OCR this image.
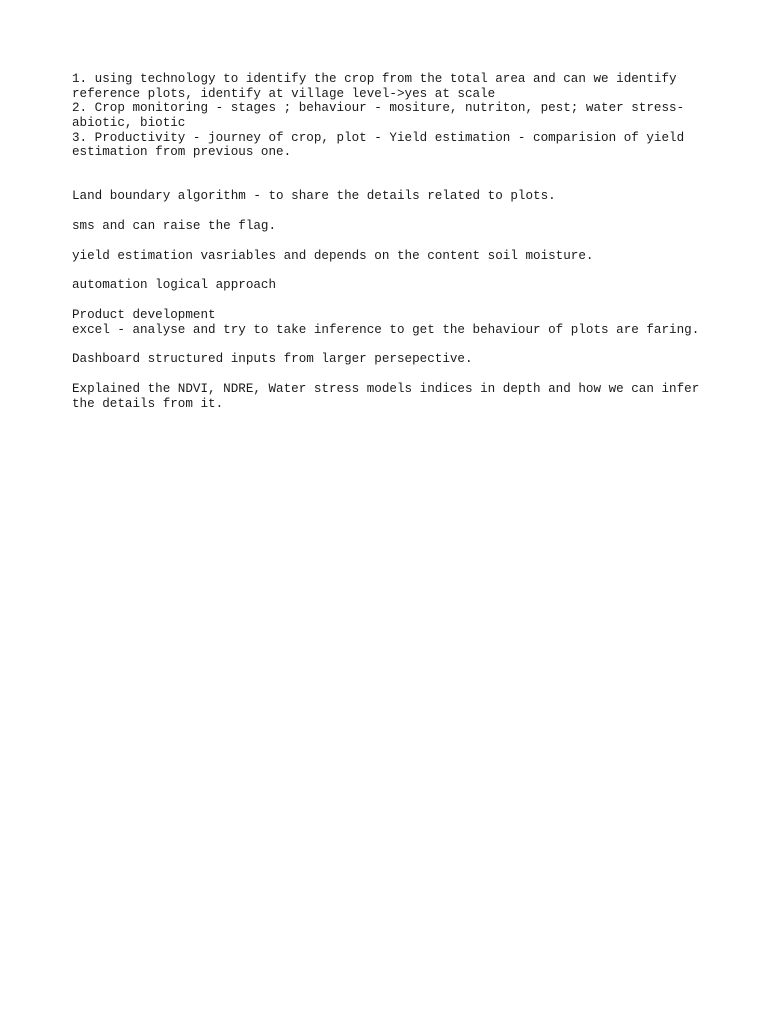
1. using technology to identify the crop from the total area and can we identify
reference plots, identify at village level->yes at scale
2. Crop monitoring - stages ; behaviour - mositure, nutriton, pest; water stress-
abiotic, biotic
3. Productivity - journey of crop, plot - Yield estimation - comparision of yield
estimation from previous one.
Land boundary algorithm - to share the details related to plots.
sms and can raise the flag.
yield estimation vasriables and depends on the content soil moisture.
automation logical approach
Product development
excel - analyse and try to take inference to get the behaviour of plots are faring.
Dashboard structured inputs from larger persepective.
Explained the NDVI, NDRE, Water stress models indices in depth and how we can infer
the details from it.
